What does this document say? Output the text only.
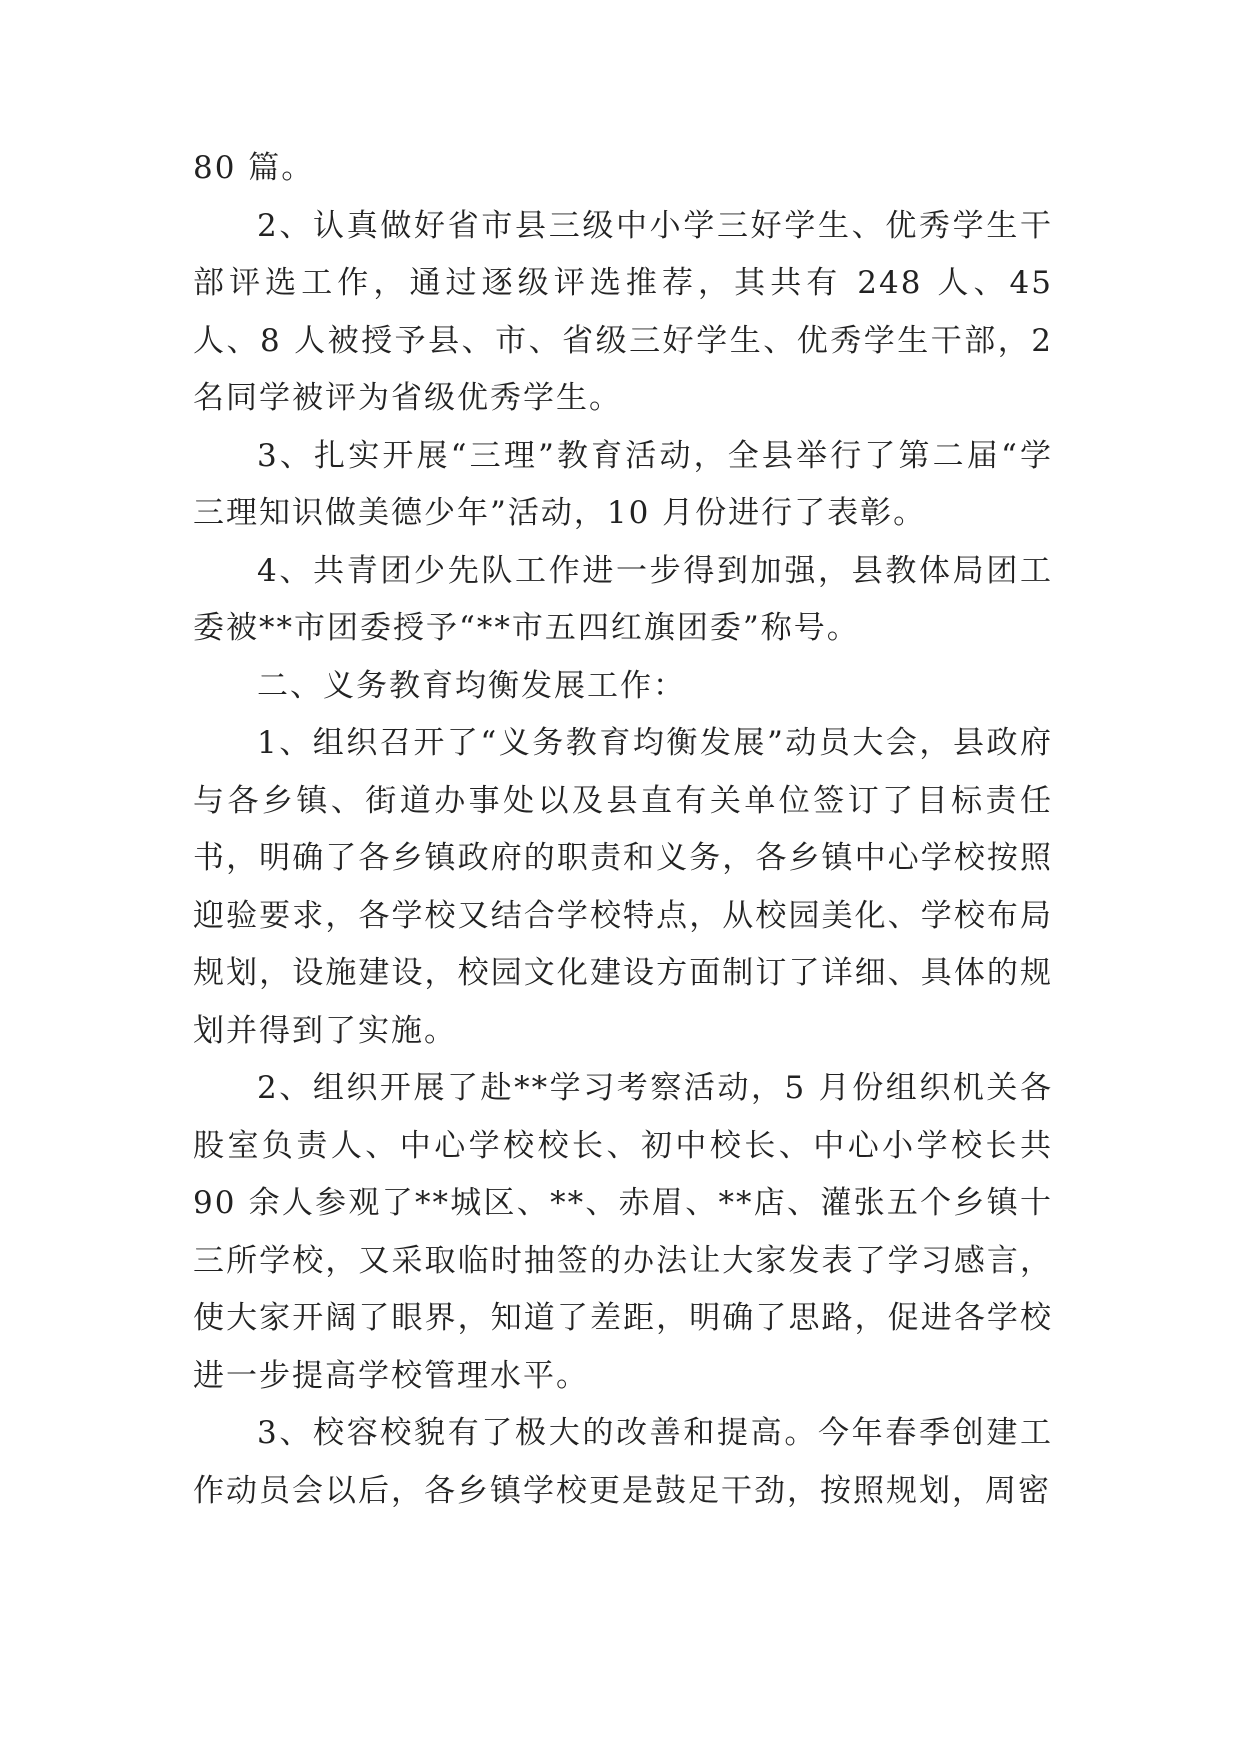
80 篇。

2、认真做好省市县三级中小学三好学生、优秀学生干部评选工作，通过逐级评选推荐，其共有 248 人、45 人、8 人被授予县、市、省级三好学生、优秀学生干部，2 名同学被评为省级优秀学生。

3、扎实开展“三理”教育活动，全县举行了第二届“学三理知识做美德少年”活动，10 月份进行了表彰。

4、共青团少先队工作进一步得到加强，县教体局团工委被**市团委授予“**市五四红旗团委”称号。

二、义务教育均衡发展工作：

1、组织召开了“义务教育均衡发展”动员大会，县政府与各乡镇、街道办事处以及县直有关单位签订了目标责任书，明确了各乡镇政府的职责和义务，各乡镇中心学校按照迎验要求，各学校又结合学校特点，从校园美化、学校布局规划，设施建设，校园文化建设方面制订了详细、具体的规划并得到了实施。

2、组织开展了赴**学习考察活动，5 月份组织机关各股室负责人、中心学校校长、初中校长、中心小学校长共 90 余人参观了**城区、**、赤眉、**店、灌张五个乡镇十三所学校，又采取临时抽签的办法让大家发表了学习感言，使大家开阔了眼界，知道了差距，明确了思路，促进各学校进一步提高学校管理水平。

3、校容校貌有了极大的改善和提高。今年春季创建工作动员会以后，各乡镇学校更是鼓足干劲，按照规划，周密
